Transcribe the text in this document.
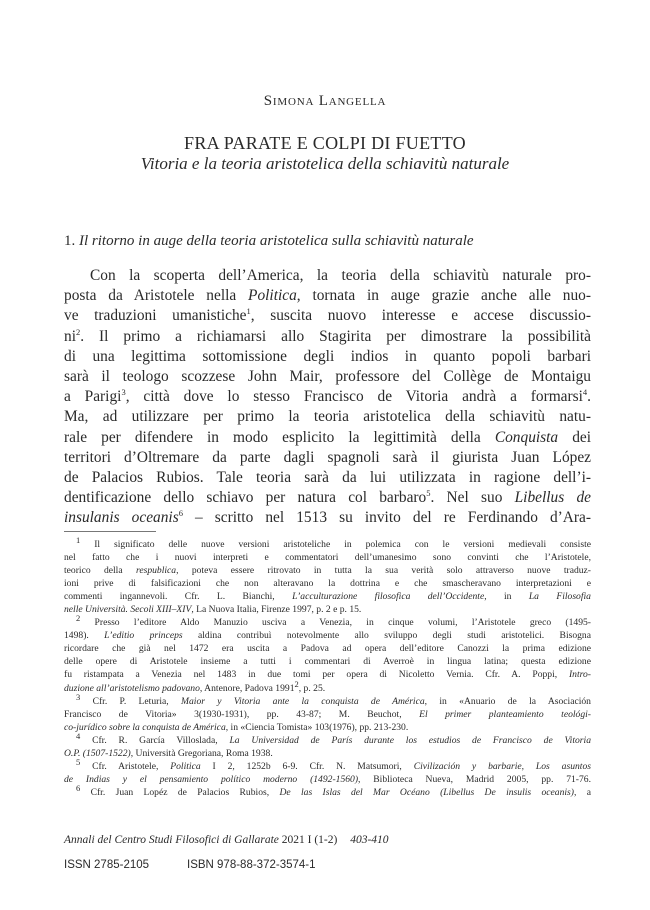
Simona Langella
FRA PARATE E COLPI DI FUETTO
Vitoria e la teoria aristotelica della schiavitù naturale
1. Il ritorno in auge della teoria aristotelica sulla schiavitù naturale
Con la scoperta dell’America, la teoria della schiavitù naturale pro-
posta da Aristotele nella Politica, tornata in auge grazie anche alle nuo-
ve traduzioni umanistiche$^1$, suscita nuovo interesse e accese discussio-
$ni^2$. Il primo a richiamarsi allo Stagirita per dimostrare la possibilità
di una legittima sottomissione degli indios in quanto popoli barbari
sarà il teologo scozzese John Mair, professore del Collège de Montaigu
a Parigi$^3$, città dove lo stesso Francisco de Vitoria andrà a formarsi$^4$.
Ma, ad utilizzare per primo la teoria aristotelica della schiavitù natu-
rale per difendere in modo esplicito la legittimità della Conquista dei
territori d’Oltremare da parte dagli spagnoli sarà il giurista Juan López
de Palacios Rubios. Tale teoria sarà da lui utilizzata in ragione dell’i-
dentificazione dello schiavo per natura col barbaro$^5$. Nel suo Libellus de
insulanis oceanis$^6$ – scritto nel 1513 su invito del re Ferdinando d’Ara-
$^1$ Il significato delle nuove versioni aristoteliche in polemica con le versioni medievali consiste
nel fatto che i nuovi interpreti e commentatori dell’umanesimo sono convinti che l’Aristotele,
teorico della respublica, poteva essere ritrovato in tutta la sua verità solo attraverso nuove traduz-
ioni prive di falsificazioni che non alteravano la dottrina e che smascheravano interpretazioni e
commenti ingannevoli. Cfr. L. Bianchi, L’acculturazione filosofica dell’Occidente, in La Filosofia
nelle Università. Secoli XIII–XIV, La Nuova Italia, Firenze 1997, p. 2 e p. 15.
$^2$ Presso l’editore Aldo Manuzio usciva a Venezia, in cinque volumi, l’Aristotele greco (1495-
1498). L’editio princeps aldina contribuì notevolmente allo sviluppo degli studi aristotelici. Bisogna
ricordare che già nel 1472 era uscita a Padova ad opera dell’editore Canozzi la prima edizione
delle opere di Aristotele insieme a tutti i commentari di Averroè in lingua latina; questa edizione
fu ristampata a Venezia nel 1483 in due tomi per opera di Nicoletto Vernia. Cfr. A. Poppi, Intro-
duzione all’aristotelismo padovano, Antenore, Padova 1991$^2$, p. 25.
$^3$ Cfr. P. Leturia, Maior y Vitoria ante la conquista de América, in «Anuario de la Asociación
Francisco de Vitoria» 3(1930-1931), pp. 43-87; M. Beuchot, El primer planteamiento teológi-
co-jurídico sobre la conquista de América, in «Ciencia Tomista» 103(1976), pp. 213-230.
$^4$ Cfr. R. García Villoslada, La Universidad de París durante los estudios de Francisco de Vitoria
O.P. (1507-1522), Università Gregoriana, Roma 1938.
$^5$ Cfr. Aristotele, Politica I 2, 1252b 6-9. Cfr. N. Matsumori, Civilización y barbarie, Los asuntos
de Indias y el pensamiento político moderno (1492-1560), Biblioteca Nueva, Madrid 2005, pp. 71-76.
$^6$ Cfr. Juan Lopéz de Palacios Rubios, De las Islas del Mar Océano (Libellus De insulis oceanis), a
Annali del Centro Studi Filosofici di Gallarate 2021 I (1-2) 403-410
ISSN 2785-2105	ISBN 978-88-372-3574-1
